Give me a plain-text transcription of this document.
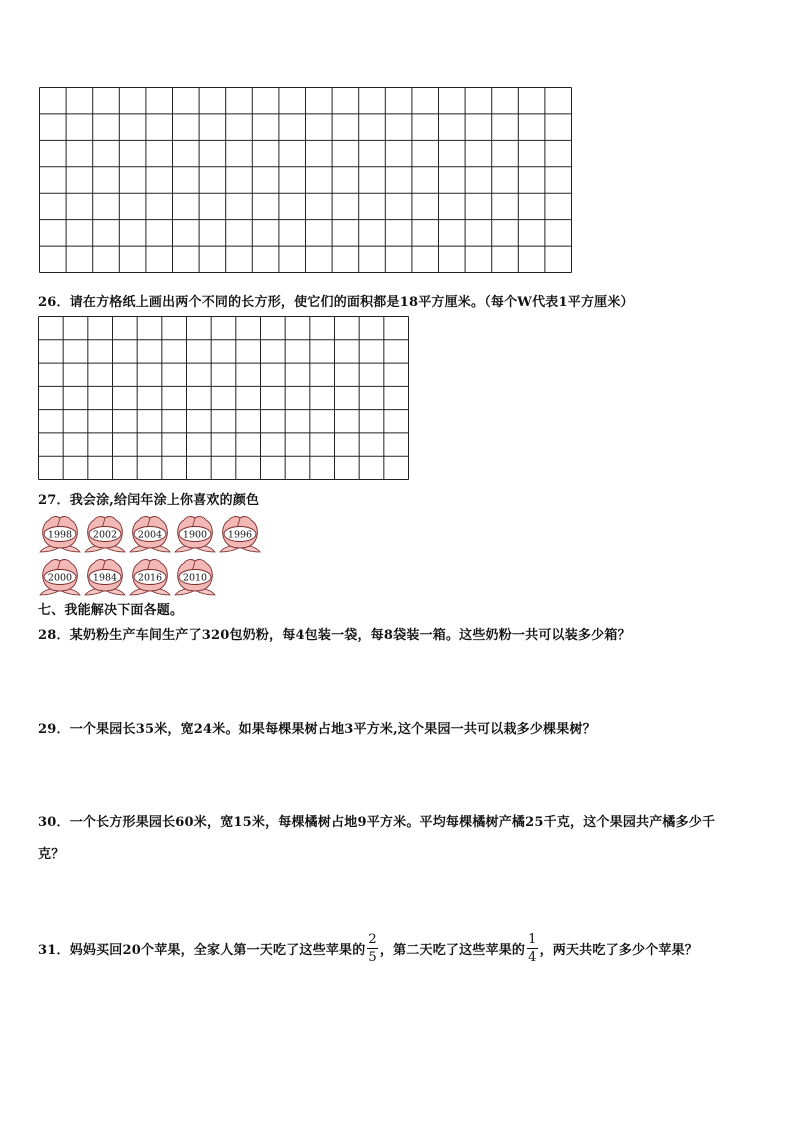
26．请在方格纸上画出两个不同的长方形，使它们的面积都是18平方厘米。（每个W代表1平方厘米）
27．我会涂,给闰年涂上你喜欢的颜色
1998 2002 2004 1900 1996
2000 1984 2016 2010
七、我能解决下面各题。
28．某奶粉生产车间生产了320包奶粉，每4包装一袋，每8袋装一箱。这些奶粉一共可以装多少箱？
29．一个果园长35米，宽24米。如果每棵果树占地3平方米,这个果园一共可以栽多少棵果树？
30．一个长方形果园长60米，宽15米，每棵橘树占地9平方米。平均每棵橘树产橘25千克，这个果园共产橘多少千
克？
31． 妈妈买回20个苹果，全家人第一天吃了这些苹果的 $\frac{2}{5}$ ，第二天吃了这些苹果的 $\frac{1}{4}$ ，两天共吃了多少个苹果？
